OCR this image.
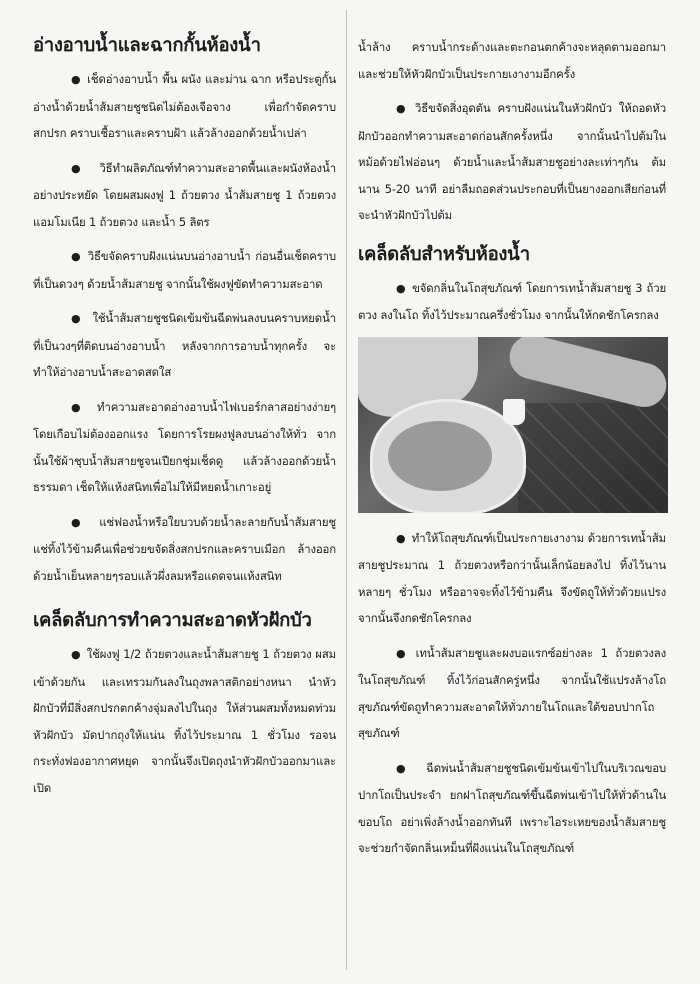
อ่างอาบน้ำและฉากกั้นห้องน้ำ

● เช็ดอ่างอาบน้ำ พื้น ผนัง และม่าน ฉาก หรือประตูกั้นอ่างน้ำด้วยน้ำส้มสายชูชนิดไม่ต้องเจือจาง เพื่อกำจัดคราบสกปรก คราบเชื้อราและคราบฝ้า แล้วล้างออกด้วยน้ำเปล่า

● วิธีทำผลิตภัณฑ์ทำความสะอาดพื้นและผนังห้องน้ำอย่างประหยัด โดยผสมผงฟู 1 ถ้วยตวง น้ำส้มสายชู 1 ถ้วยตวง แอมโมเนีย 1 ถ้วยตวง และน้ำ 5 ลิตร

● วิธีขจัดคราบฝังแน่นบนอ่างอาบน้ำ ก่อนอื่นเช็ดคราบที่เป็นดวงๆ ด้วยน้ำส้มสายชู จากนั้นใช้ผงฟูขัดทำความสะอาด

● ใช้น้ำส้มสายชูชนิดเข้มข้นฉีดพ่นลงบนคราบหยดน้ำที่เป็นวงๆที่ติดบนอ่างอาบน้ำ หลังจากการอาบน้ำทุกครั้ง จะทำให้อ่างอาบน้ำสะอาดสดใส

● ทำความสะอาดอ่างอาบน้ำไฟเบอร์กลาสอย่างง่ายๆ โดยเกือบไม่ต้องออกแรง โดยการโรยผงฟูลงบนอ่างให้ทั่ว จากนั้นใช้ผ้าชุบน้ำส้มสายชูจนเปียกชุ่มเช็ดดู แล้วล้างออกด้วยน้ำธรรมดา เช็ดให้แห้งสนิทเพื่อไม่ให้มีหยดน้ำเกาะอยู่

● แช่ฟองน้ำหรือใยบวบด้วยน้ำละลายกับน้ำส้มสายชู แช่ทิ้งไว้ข้ามคืนเพื่อช่วยขจัดสิ่งสกปรกและคราบเมือก ล้างออกด้วยน้ำเย็นหลายๆรอบแล้วผึ่งลมหรือแดดจนแห้งสนิท

เคล็ดลับการทำความสะอาดหัวฝักบัว

● ใช้ผงฟู 1/2 ถ้วยตวงและน้ำส้มสายชู 1 ถ้วยตวง ผสมเข้าด้วยกัน และเทรวมกันลงในถุงพลาสติกอย่างหนา นำหัวฝักบัวที่มีสิ่งสกปรกตกค้างจุ่มลงไปในถุง ให้ส่วนผสมทั้งหมดท่วมหัวฝักบัว มัดปากถุงให้แน่น ทิ้งไว้ประมาณ 1 ชั่วโมง รอจนกระทั่งฟองอากาศหยุด จากนั้นจึงเปิดถุงนำหัวฝักบัวออกมาและเปิด

น้ำล้าง คราบน้ำกระด้างและตะกอนตกค้างจะหลุดตามออกมา และช่วยให้หัวฝักบัวเป็นประกายเงางามอีกครั้ง

● วิธีขจัดสิ่งอุดตัน คราบฝังแน่นในหัวฝักบัว ให้ถอดหัวฝักบัวออกทำความสะอาดก่อนสักครั้งหนึ่ง จากนั้นนำไปต้มในหม้อด้วยไฟอ่อนๆ ด้วยน้ำและน้ำส้มสายชูอย่างละเท่าๆกัน ต้มนาน 5-20 นาที อย่าลืมถอดส่วนประกอบที่เป็นยางออกเสียก่อนที่จะนำหัวฝักบัวไปต้ม

เคล็ดลับสำหรับห้องน้ำ

● ขจัดกลิ่นในโถสุขภัณฑ์ โดยการเทน้ำส้มสายชู 3 ถ้วยตวง ลงในโถ ทิ้งไว้ประมาณครึ่งชั่วโมง จากนั้นให้กดชักโครกลง

● ทำให้โถสุขภัณฑ์เป็นประกายเงางาม ด้วยการเทน้ำส้มสายชูประมาณ 1 ถ้วยตวงหรือกว่านั้นเล็กน้อยลงไป ทิ้งไว้นานหลายๆ ชั่วโมง หรืออาจจะทิ้งไว้ข้ามคืน จึงขัดถูให้ทั่วด้วยแปรง จากนั้นจึงกดชักโครกลง

● เทน้ำส้มสายชูและผงบอแรกซ์อย่างละ 1 ถ้วยตวงลงในโถสุขภัณฑ์ ทิ้งไว้ก่อนสักครู่หนึ่ง จากนั้นใช้แปรงล้างโถสุขภัณฑ์ขัดถูทำความสะอาดให้ทั่วภายในโถและใต้ขอบปากโถสุขภัณฑ์

● ฉีดพ่นน้ำส้มสายชูชนิดเข้มข้นเข้าไปในบริเวณขอบปากโถเป็นประจำ ยกฝาโถสุขภัณฑ์ขึ้นฉีดพ่นเข้าไปให้ทั่วด้านในขอบโถ อย่าเพิ่งล้างน้ำออกทันที เพราะไอระเหยของน้ำส้มสายชูจะช่วยกำจัดกลิ่นเหม็นที่ฝังแน่นในโถสุขภัณฑ์
